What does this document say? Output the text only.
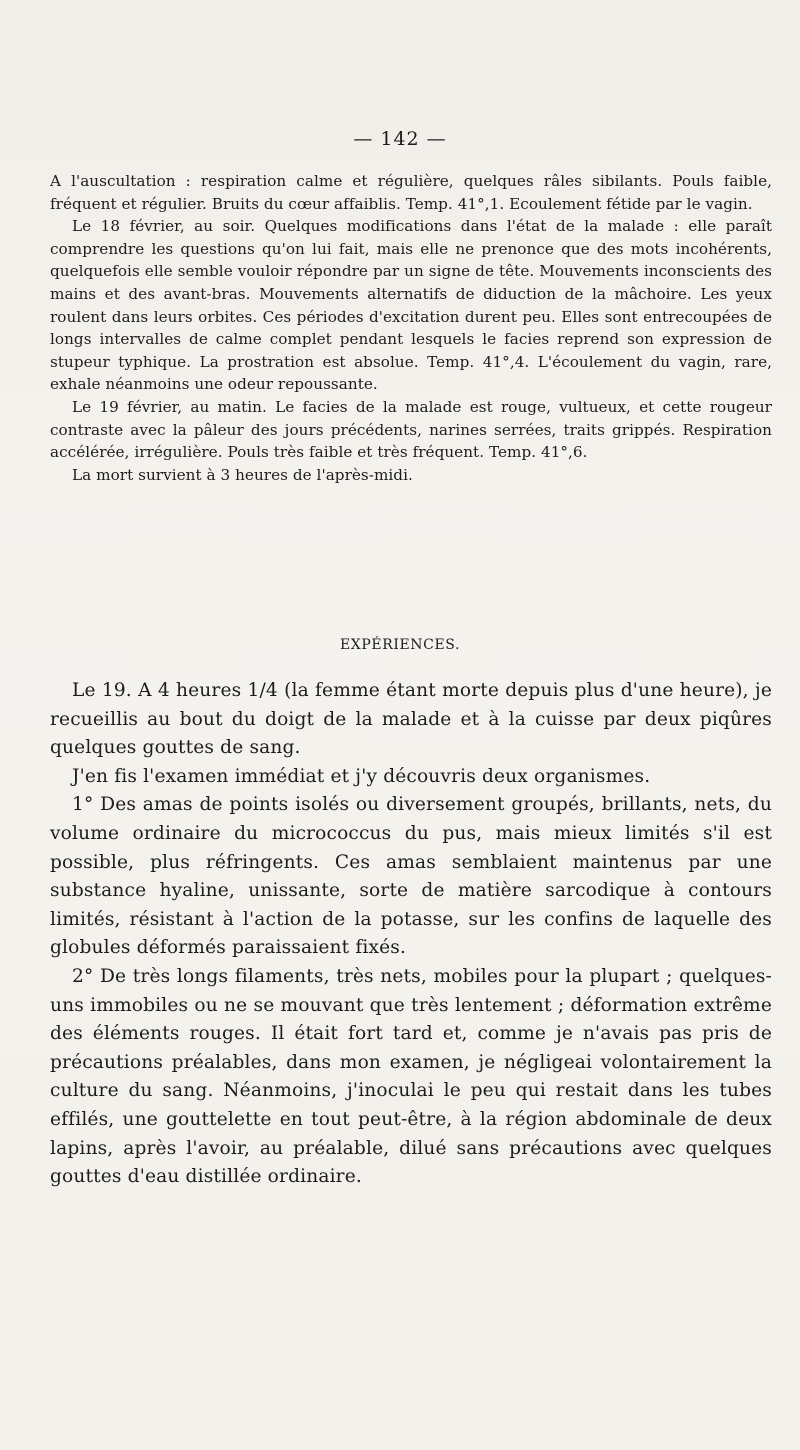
— 142 —

A l'auscultation : respiration calme et régulière, quelques râles sibilants. Pouls faible, fréquent et régulier. Bruits du cœur affaiblis. Temp. 41°,1. Ecoulement fétide par le vagin.

Le 18 février, au soir. Quelques modifications dans l'état de la malade : elle paraît comprendre les questions qu'on lui fait, mais elle ne prenonce que des mots incohérents, quelquefois elle semble vouloir répondre par un signe de tête. Mouvements inconscients des mains et des avant-bras. Mouvements alternatifs de diduction de la mâchoire. Les yeux roulent dans leurs orbites. Ces périodes d'excitation durent peu. Elles sont entrecoupées de longs intervalles de calme complet pendant lesquels le facies reprend son expression de stupeur typhique. La prostration est absolue. Temp. 41°,4. L'écoulement du vagin, rare, exhale néanmoins une odeur repoussante.

Le 19 février, au matin. Le facies de la malade est rouge, vultueux, et cette rougeur contraste avec la pâleur des jours précédents, narines serrées, traits grippés. Respiration accélérée, irrégulière. Pouls très faible et très fréquent. Temp. 41°,6.

La mort survient à 3 heures de l'après-midi.

EXPÉRIENCES.

Le 19. A 4 heures 1/4 (la femme étant morte depuis plus d'une heure), je recueillis au bout du doigt de la malade et à la cuisse par deux piqûres quelques gouttes de sang.

J'en fis l'examen immédiat et j'y découvris deux organismes.

1° Des amas de points isolés ou diversement groupés, brillants, nets, du volume ordinaire du micrococcus du pus, mais mieux limités s'il est possible, plus réfringents. Ces amas semblaient maintenus par une substance hyaline, unissante, sorte de matière sarcodique à contours limités, résistant à l'action de la potasse, sur les confins de laquelle des globules déformés paraissaient fixés.

2° De très longs filaments, très nets, mobiles pour la plupart ; quelques-uns immobiles ou ne se mouvant que très lentement ; déformation extrême des éléments rouges. Il était fort tard et, comme je n'avais pas pris de précautions préalables, dans mon examen, je négligeai volontairement la culture du sang. Néanmoins, j'inoculai le peu qui restait dans les tubes effilés, une gouttelette en tout peut-être, à la région abdominale de deux lapins, après l'avoir, au préalable, dilué sans précautions avec quelques gouttes d'eau distillée ordinaire.
